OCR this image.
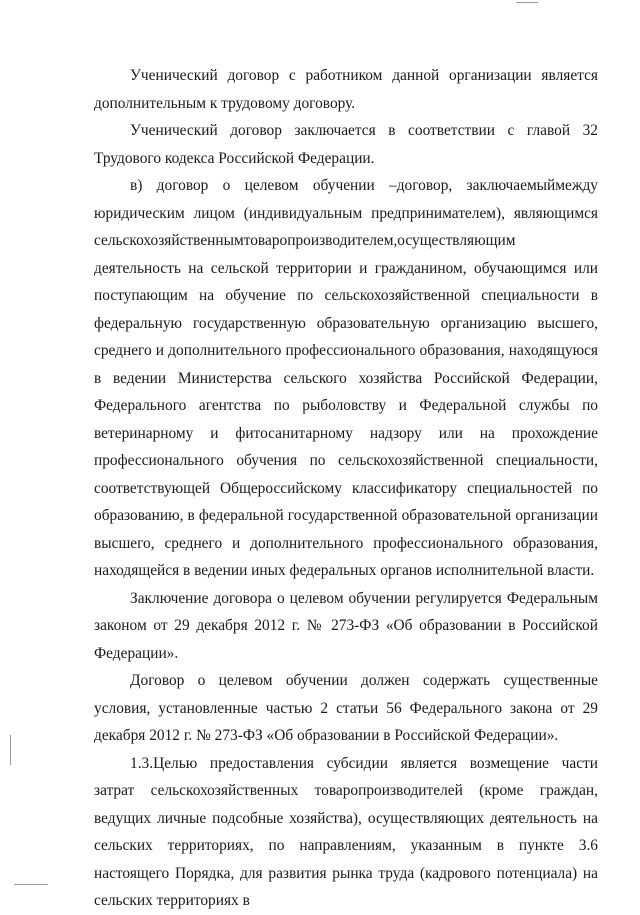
Ученический договор с работником данной организации является дополнительным к трудовому договору.

Ученический договор заключается в соответствии с главой 32 Трудового кодекса Российской Федерации.

в) договор о целевом обучении –договор, заключаемыймежду юридическим лицом (индивидуальным предпринимателем), являющимся сельскохозяйственнымтоваропроизводителем,осуществляющим деятельность на сельской территории и гражданином, обучающимся или поступающим на обучение по сельскохозяйственной специальности в федеральную государственную образовательную организацию высшего, среднего и дополнительного профессионального образования, находящуюся в ведении Министерства сельского хозяйства Российской Федерации, Федерального агентства по рыболовству и Федеральной службы по ветеринарному и фитосанитарному надзору или на прохождение профессионального обучения по сельскохозяйственной специальности, соответствующей Общероссийскому классификатору специальностей по образованию, в федеральной государственной образовательной организации высшего, среднего и дополнительного профессионального образования, находящейся в ведении иных федеральных органов исполнительной власти.

Заключение договора о целевом обучении регулируется Федеральным законом от 29 декабря 2012 г. № 273-ФЗ «Об образовании в Российской Федерации».

Договор о целевом обучении должен содержать существенные условия, установленные частью 2 статьи 56 Федерального закона от 29 декабря 2012 г. № 273-ФЗ «Об образовании в Российской Федерации».

1.3.Целью предоставления субсидии является возмещение части затрат сельскохозяйственных товаропроизводителей (кроме граждан, ведущих личные подсобные хозяйства), осуществляющих деятельность на сельских территориях, по направлениям, указанным в пункте 3.6 настоящего Порядка, для развития рынка труда (кадрового потенциала) на сельских территориях в
